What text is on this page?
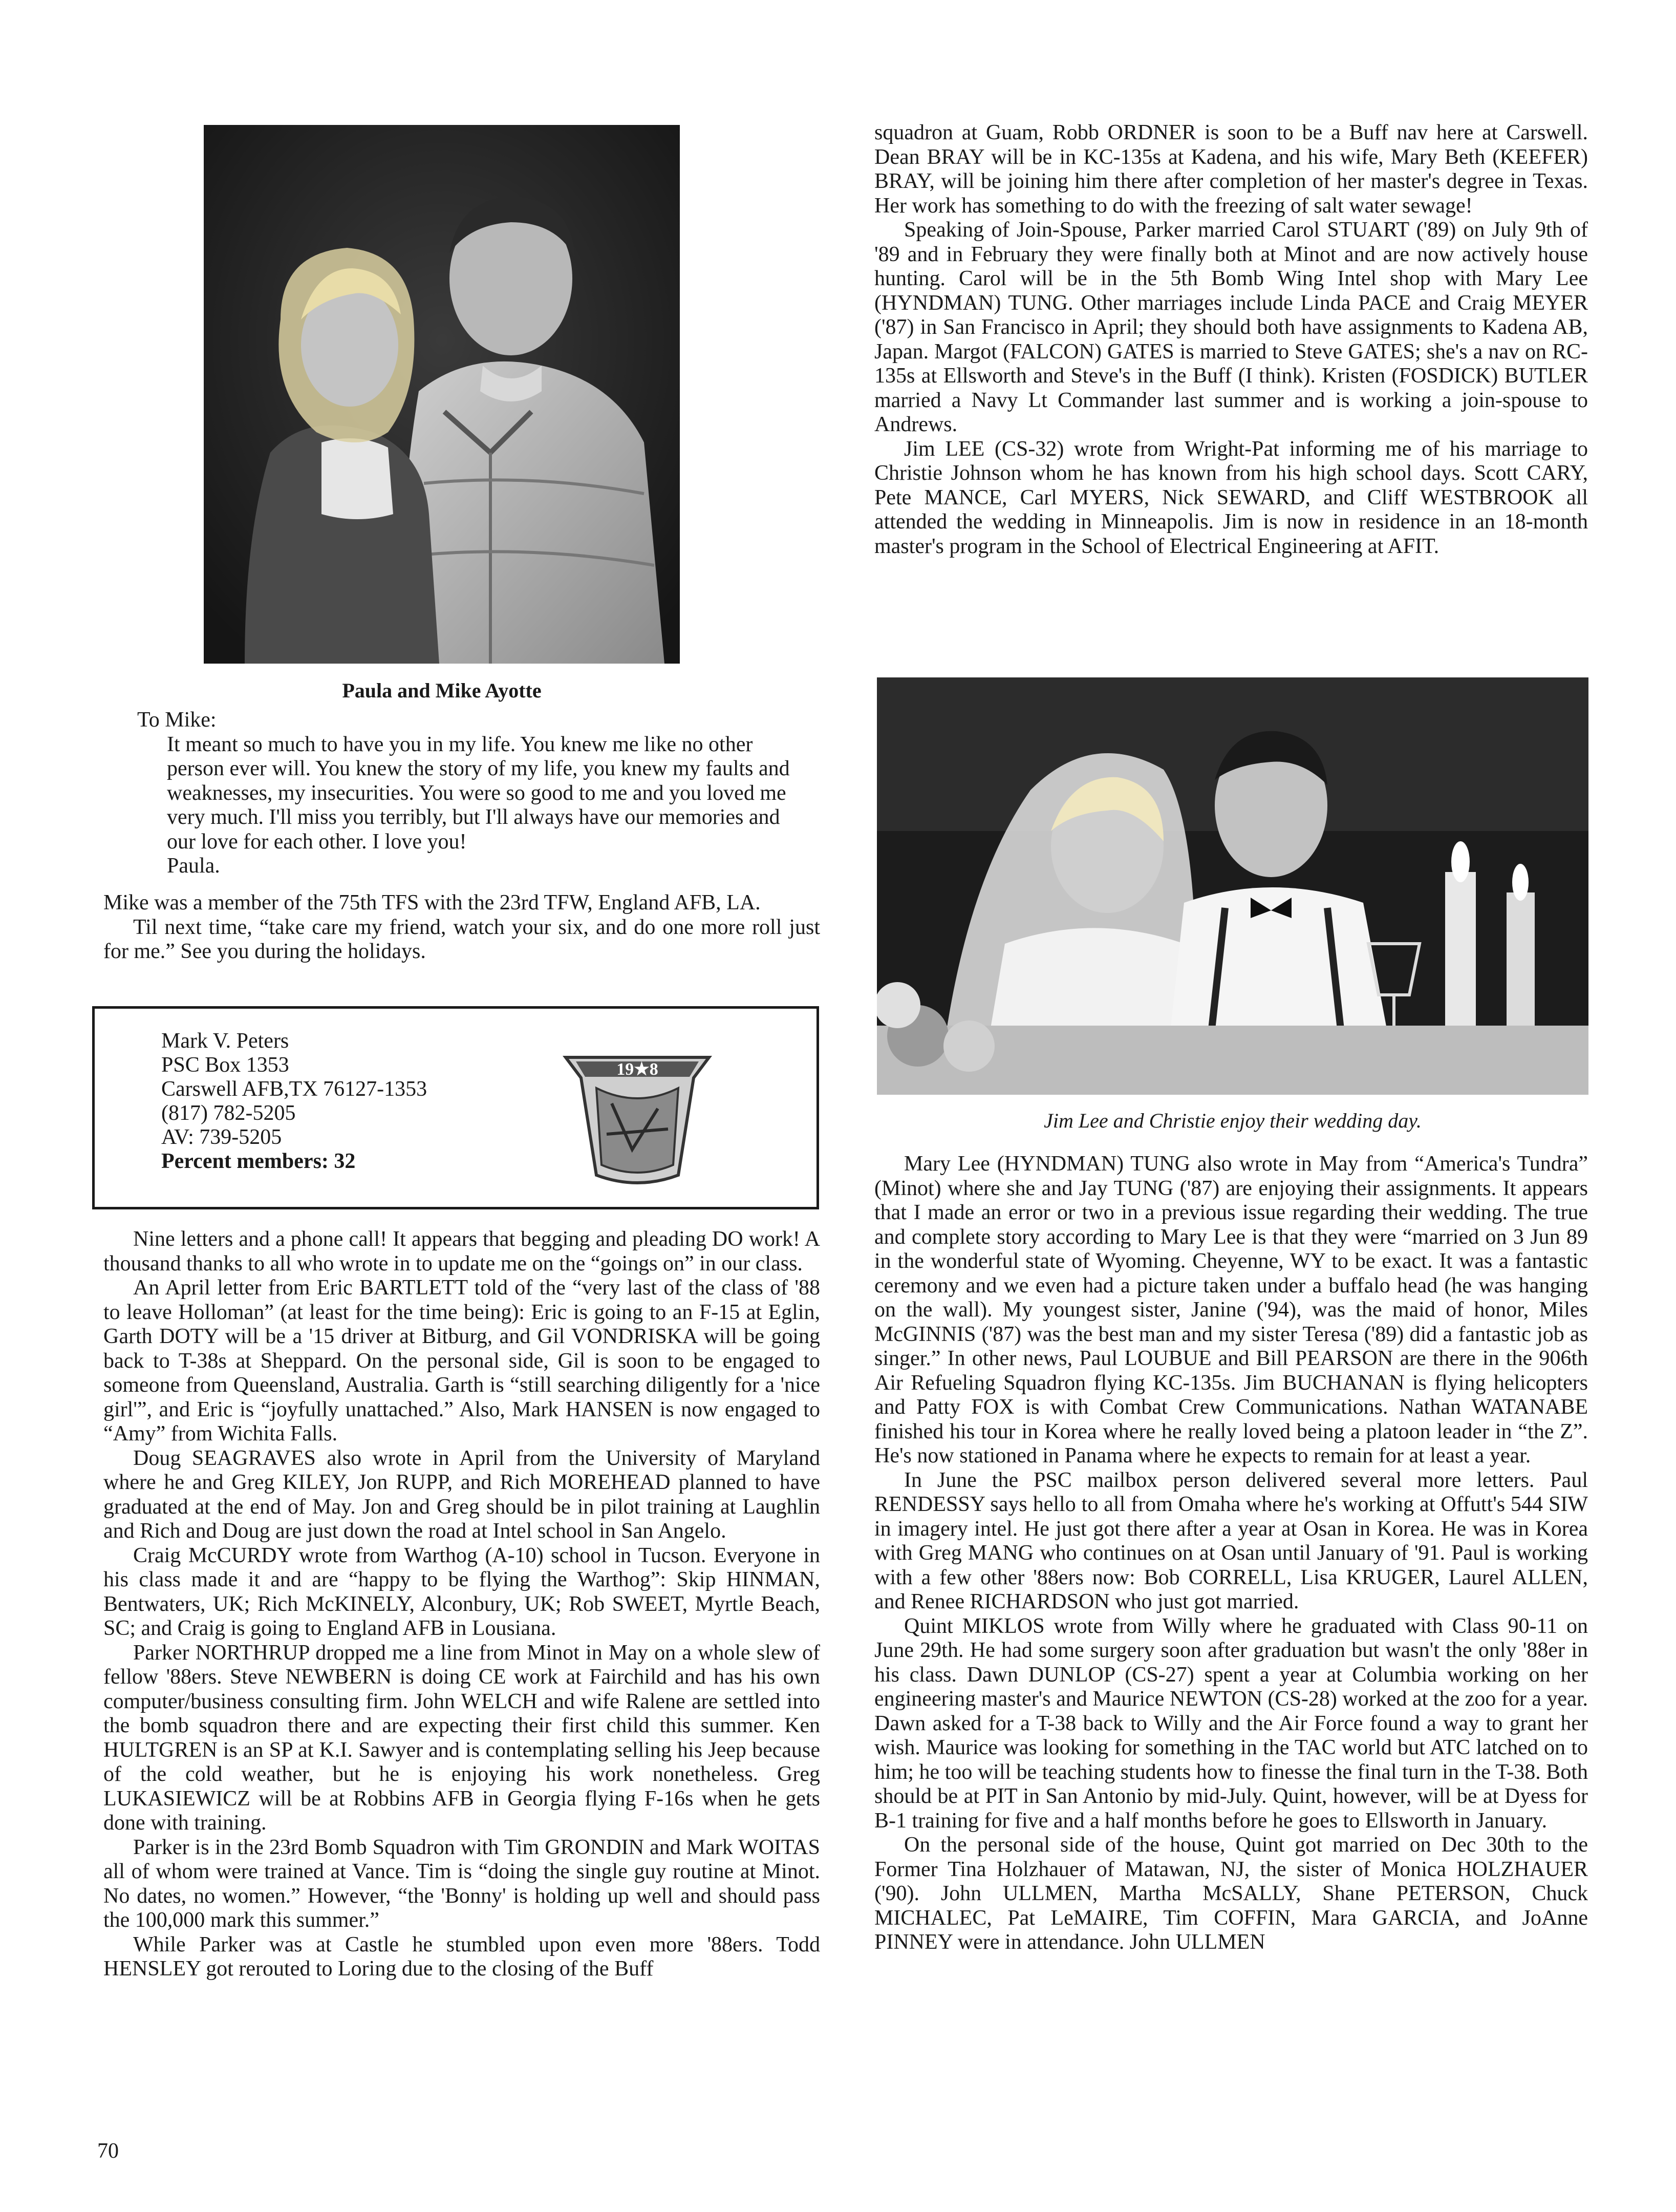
Paula and Mike Ayotte

To Mike:

It meant so much to have you in my life. You knew me like no other person ever will. You knew the story of my life, you knew my faults and weaknesses, my insecurities. You were so good to me and you loved me very much. I'll miss you terribly, but I'll always have our memories and our love for each other. I love you!

Paula.

Mike was a member of the 75th TFS with the 23rd TFW, England AFB, LA.

Til next time, “take care my friend, watch your six, and do one more roll just for me.” See you during the holidays.

Mark V. Peters
PSC Box 1353
Carswell AFB,TX 76127-1353
(817) 782-5205
AV: 739-5205
Percent members: 32
19★8

Nine letters and a phone call! It appears that begging and pleading DO work! A thousand thanks to all who wrote in to update me on the “goings on” in our class.

An April letter from Eric BARTLETT told of the “very last of the class of '88 to leave Holloman” (at least for the time being): Eric is going to an F-15 at Eglin, Garth DOTY will be a '15 driver at Bitburg, and Gil VONDRISKA will be going back to T-38s at Sheppard. On the personal side, Gil is soon to be engaged to someone from Queensland, Australia. Garth is “still searching diligently for a 'nice girl'”, and Eric is “joyfully unattached.” Also, Mark HANSEN is now engaged to “Amy” from Wichita Falls.

Doug SEAGRAVES also wrote in April from the University of Maryland where he and Greg KILEY, Jon RUPP, and Rich MOREHEAD planned to have graduated at the end of May. Jon and Greg should be in pilot training at Laughlin and Rich and Doug are just down the road at Intel school in San Angelo.

Craig McCURDY wrote from Warthog (A-10) school in Tucson. Everyone in his class made it and are “happy to be flying the Warthog”: Skip HINMAN, Bentwaters, UK; Rich McKINELY, Alconbury, UK; Rob SWEET, Myrtle Beach, SC; and Craig is going to England AFB in Lousiana.

Parker NORTHRUP dropped me a line from Minot in May on a whole slew of fellow '88ers. Steve NEWBERN is doing CE work at Fairchild and has his own computer/business consulting firm. John WELCH and wife Ralene are settled into the bomb squadron there and are expecting their first child this summer. Ken HULTGREN is an SP at K.I. Sawyer and is contemplating selling his Jeep because of the cold weather, but he is enjoying his work nonetheless. Greg LUKASIEWICZ will be at Robbins AFB in Georgia flying F-16s when he gets done with training.

Parker is in the 23rd Bomb Squadron with Tim GRONDIN and Mark WOITAS all of whom were trained at Vance. Tim is “doing the single guy routine at Minot. No dates, no women.” However, “the 'Bonny' is holding up well and should pass the 100,000 mark this summer.”

While Parker was at Castle he stumbled upon even more '88ers. Todd HENSLEY got rerouted to Loring due to the closing of the Buff

squadron at Guam, Robb ORDNER is soon to be a Buff nav here at Carswell. Dean BRAY will be in KC-135s at Kadena, and his wife, Mary Beth (KEEFER) BRAY, will be joining him there after completion of her master's degree in Texas. Her work has something to do with the freezing of salt water sewage!

Speaking of Join-Spouse, Parker married Carol STUART ('89) on July 9th of '89 and in February they were finally both at Minot and are now actively house hunting. Carol will be in the 5th Bomb Wing Intel shop with Mary Lee (HYNDMAN) TUNG. Other marriages include Linda PACE and Craig MEYER ('87) in San Francisco in April; they should both have assignments to Kadena AB, Japan. Margot (FALCON) GATES is married to Steve GATES; she's a nav on RC-135s at Ellsworth and Steve's in the Buff (I think). Kristen (FOSDICK) BUTLER married a Navy Lt Commander last summer and is working a join-spouse to Andrews.

Jim LEE (CS-32) wrote from Wright-Pat informing me of his marriage to Christie Johnson whom he has known from his high school days. Scott CARY, Pete MANCE, Carl MYERS, Nick SEWARD, and Cliff WESTBROOK all attended the wedding in Minneapolis. Jim is now in residence in an 18-month master's program in the School of Electrical Engineering at AFIT.

Jim Lee and Christie enjoy their wedding day.

Mary Lee (HYNDMAN) TUNG also wrote in May from “America's Tundra” (Minot) where she and Jay TUNG ('87) are enjoying their assignments. It appears that I made an error or two in a previous issue regarding their wedding. The true and complete story according to Mary Lee is that they were “married on 3 Jun 89 in the wonderful state of Wyoming. Cheyenne, WY to be exact. It was a fantastic ceremony and we even had a picture taken under a buffalo head (he was hanging on the wall). My youngest sister, Janine ('94), was the maid of honor, Miles McGINNIS ('87) was the best man and my sister Teresa ('89) did a fantastic job as singer.” In other news, Paul LOUBUE and Bill PEARSON are there in the 906th Air Refueling Squadron flying KC-135s. Jim BUCHANAN is flying helicopters and Patty FOX is with Combat Crew Communications. Nathan WATANABE finished his tour in Korea where he really loved being a platoon leader in “the Z”. He's now stationed in Panama where he expects to remain for at least a year.

In June the PSC mailbox person delivered several more letters. Paul RENDESSY says hello to all from Omaha where he's working at Offutt's 544 SIW in imagery intel. He just got there after a year at Osan in Korea. He was in Korea with Greg MANG who continues on at Osan until January of '91. Paul is working with a few other '88ers now: Bob CORRELL, Lisa KRUGER, Laurel ALLEN, and Renee RICHARDSON who just got married.

Quint MIKLOS wrote from Willy where he graduated with Class 90-11 on June 29th. He had some surgery soon after graduation but wasn't the only '88er in his class. Dawn DUNLOP (CS-27) spent a year at Columbia working on her engineering master's and Maurice NEWTON (CS-28) worked at the zoo for a year. Dawn asked for a T-38 back to Willy and the Air Force found a way to grant her wish. Maurice was looking for something in the TAC world but ATC latched on to him; he too will be teaching students how to finesse the final turn in the T-38. Both should be at PIT in San Antonio by mid-July. Quint, however, will be at Dyess for B-1 training for five and a half months before he goes to Ellsworth in January.

On the personal side of the house, Quint got married on Dec 30th to the Former Tina Holzhauer of Matawan, NJ, the sister of Monica HOLZHAUER ('90). John ULLMEN, Martha McSALLY, Shane PETERSON, Chuck MICHALEC, Pat LeMAIRE, Tim COFFIN, Mara GARCIA, and JoAnne PINNEY were in attendance. John ULLMEN

70
